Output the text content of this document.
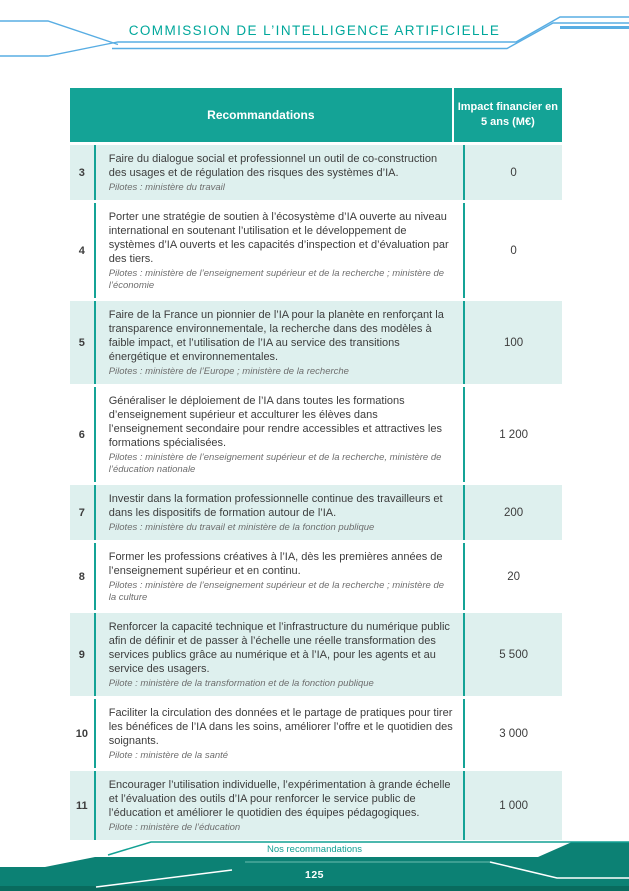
COMMISSION DE L’INTELLIGENCE ARTIFICIELLE
Recommandations
Impact financier en 5 ans (M€)
3
Faire du dialogue social et professionnel un outil de co-construction des usages et de régulation des risques des systèmes d’IA.
Pilotes : ministère du travail
0
4
Porter une stratégie de soutien à l’écosystème d’IA ouverte au niveau international en soutenant l’utilisation et le développement de systèmes d’IA ouverts et les capacités d’inspection et d’évaluation par des tiers.
Pilotes : ministère de l’enseignement supérieur et de la recherche ; ministère de l’économie
0
5
Faire de la France un pionnier de l’IA pour la planète en renforçant la transparence environnementale, la recherche dans des modèles à faible impact, et l’utilisation de l’IA au service des transitions énergétique et environnementales.
Pilotes : ministère de l’Europe ; ministère de la recherche
100
6
Généraliser le déploiement de l’IA dans toutes les formations d’enseignement supérieur et acculturer les élèves dans l’enseignement secondaire pour rendre accessibles et attractives les formations spécialisées.
Pilotes : ministère de l’enseignement supérieur et de la recherche, ministère de l’éducation nationale
1 200
7
Investir dans la formation professionnelle continue des travailleurs et dans les dispositifs de formation autour de l’IA.
Pilotes : ministère du travail et ministère de la fonction publique
200
8
Former les professions créatives à l’IA, dès les premières années de l’enseignement supérieur et en continu.
Pilotes : ministère de l’enseignement supérieur et de la recherche ; ministère de la culture
20
9
Renforcer la capacité technique et l’infrastructure du numérique public afin de définir et de passer à l’échelle une réelle transformation des services publics grâce au numérique et à l’IA, pour les agents et au service des usagers.
Pilote : ministère de la transformation et de la fonction publique
5 500
10
Faciliter la circulation des données et le partage de pratiques pour tirer les bénéfices de l’IA dans les soins, améliorer l’offre et le quotidien des soignants.
Pilote : ministère de la santé
3 000
11
Encourager l’utilisation individuelle, l’expérimentation à grande échelle et l’évaluation des outils d’IA pour renforcer le service public de l’éducation et améliorer le quotidien des équipes pédagogiques.
Pilote : ministère de l’éducation
1 000
Nos recommandations
125
